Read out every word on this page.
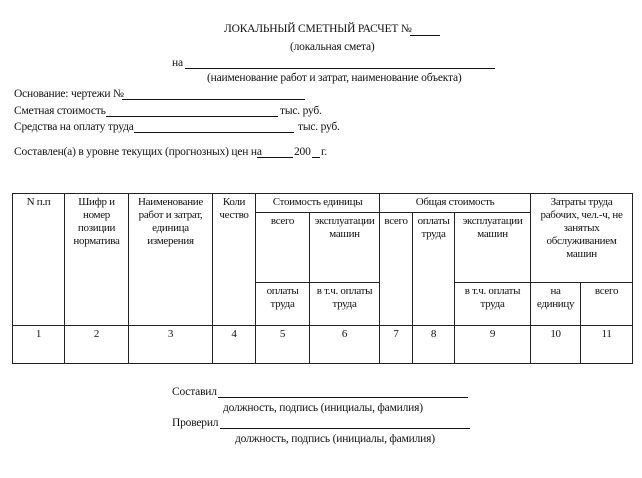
ЛОКАЛЬНЫЙ СМЕТНЫЙ РАСЧЕТ №
(локальная смета)
на
(наименование работ и затрат, наименование объекта)
Основание: чертежи №
Сметная стоимость	тыс. руб.
Средства на оплату труда	тыс. руб.
Составлен(а) в уровне текущих (прогнозных) цен на	200 г.
N п.п	Шифр и номер позиции норматива	Наименование работ и затрат, единица измерения	Коли чество	Стоимость единицы		Общая стоимость			Затраты труда рабочих, чел.-ч, не занятых обслуживанием машин	

				всего	эксплуатации машин	всего	оплаты труда	эксплуатации машин		

				оплаты труда	в т.ч. оплаты труда			в т.ч. оплаты труда	на единицу	всего

1	2	3	4	5	6	7	8	9	10	11
Составил
должность, подпись (инициалы, фамилия)
Проверил
должность, подпись (инициалы, фамилия)
